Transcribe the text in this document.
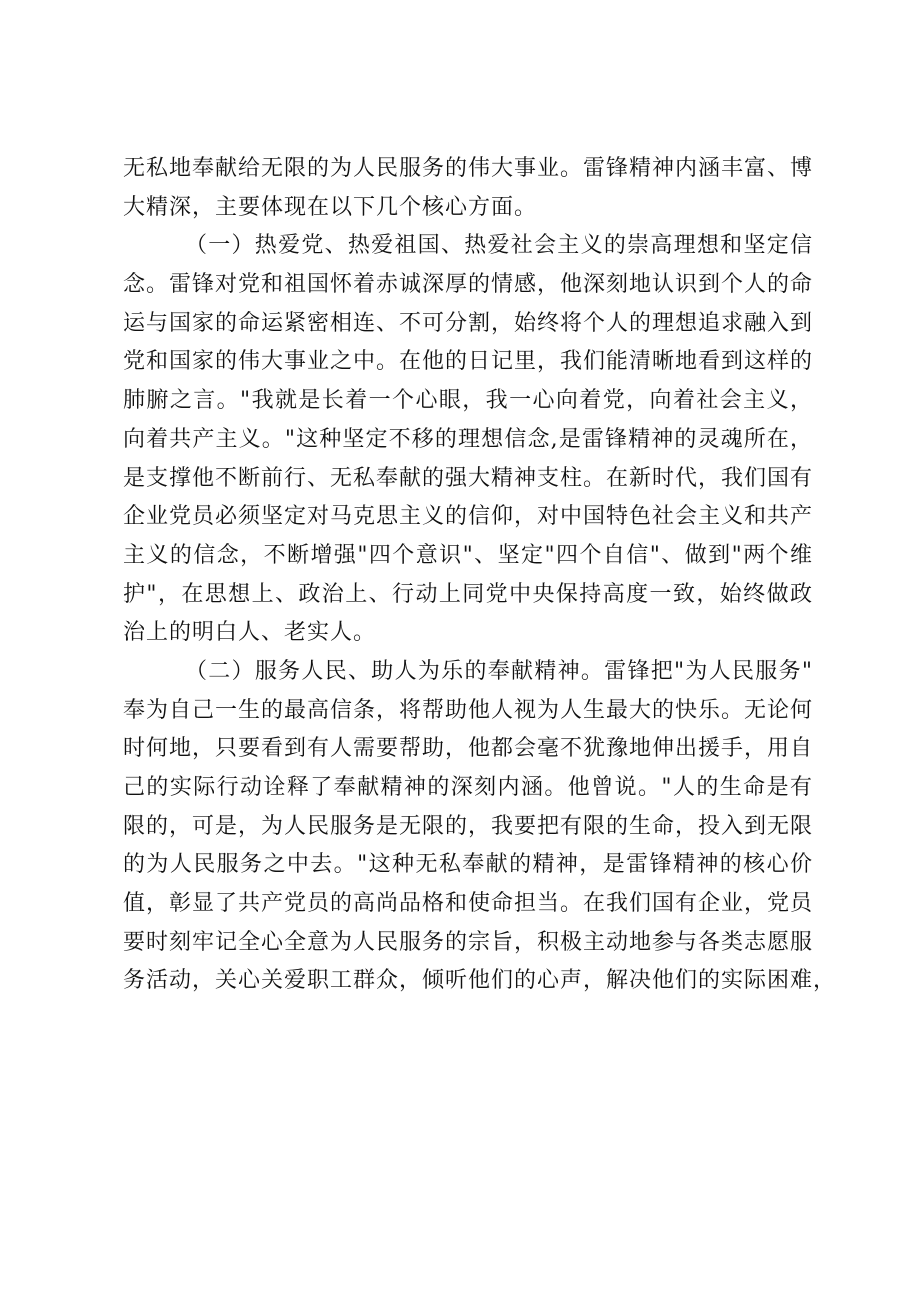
无私地奉献给无限的为人民服务的伟大事业。雷锋精神内涵丰富、博
大精深，主要体现在以下几个核心方面。
（一）热爱党、热爱祖国、热爱社会主义的崇高理想和坚定信
念。雷锋对党和祖国怀着赤诚深厚的情感，他深刻地认识到个人的命
运与国家的命运紧密相连、不可分割，始终将个人的理想追求融入到
党和国家的伟大事业之中。在他的日记里，我们能清晰地看到这样的
肺腑之言。"我就是长着一个心眼，我一心向着党，向着社会主义，
向着共产主义。"这种坚定不移的理想信念,是雷锋精神的灵魂所在，
是支撑他不断前行、无私奉献的强大精神支柱。在新时代，我们国有
企业党员必须坚定对马克思主义的信仰，对中国特色社会主义和共产
主义的信念，不断增强"四个意识"、坚定"四个自信"、做到"两个维
护"，在思想上、政治上、行动上同党中央保持高度一致，始终做政
治上的明白人、老实人。
（二）服务人民、助人为乐的奉献精神。雷锋把"为人民服务"
奉为自己一生的最高信条，将帮助他人视为人生最大的快乐。无论何
时何地，只要看到有人需要帮助，他都会毫不犹豫地伸出援手，用自
己的实际行动诠释了奉献精神的深刻内涵。他曾说。"人的生命是有
限的，可是，为人民服务是无限的，我要把有限的生命，投入到无限
的为人民服务之中去。"这种无私奉献的精神，是雷锋精神的核心价
值，彰显了共产党员的高尚品格和使命担当。在我们国有企业，党员
要时刻牢记全心全意为人民服务的宗旨，积极主动地参与各类志愿服
务活动，关心关爱职工群众，倾听他们的心声，解决他们的实际困难，
